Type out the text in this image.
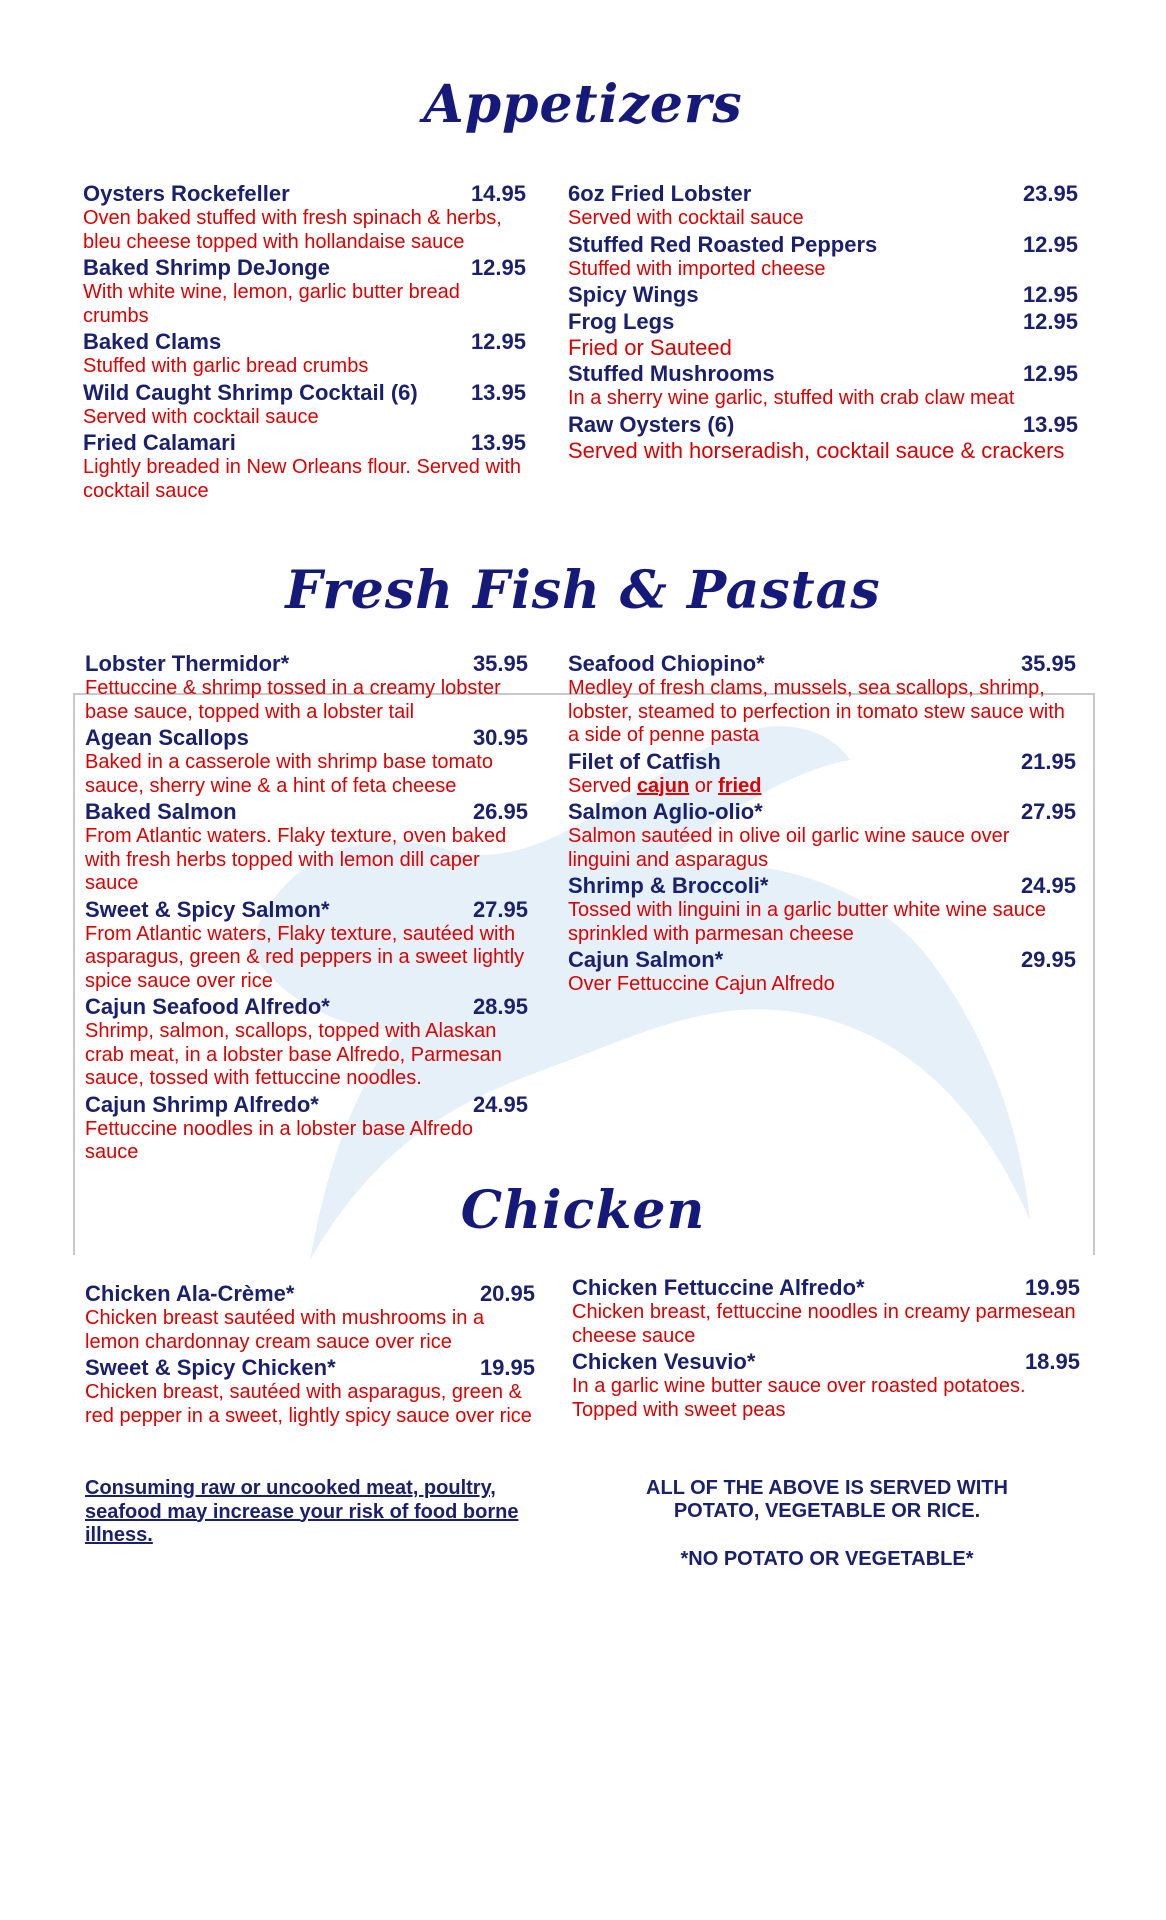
Appetizers
Oysters Rockefeller	14.95
Oven baked stuffed with fresh spinach & herbs, bleu cheese topped with hollandaise sauce
Baked Shrimp DeJonge	12.95
With white wine, lemon, garlic butter bread crumbs
Baked Clams	12.95
Stuffed with garlic bread crumbs
Wild Caught Shrimp Cocktail (6) 13.95
Served with cocktail sauce
Fried Calamari	13.95
Lightly breaded in New Orleans flour. Served with cocktail sauce
6oz Fried Lobster	23.95
Served with cocktail sauce
Stuffed Red Roasted Peppers	12.95
Stuffed with imported cheese
Spicy Wings	12.95
Frog Legs	12.95
Fried or Sauteed
Stuffed Mushrooms	12.95
In a sherry wine garlic, stuffed with crab claw meat
Raw Oysters (6)	13.95
Served with horseradish, cocktail sauce & crackers
Fresh Fish & Pastas
Lobster Thermidor*	35.95
Fettuccine & shrimp tossed in a creamy lobster base sauce, topped with a lobster tail
Agean Scallops	30.95
Baked in a casserole with shrimp base tomato sauce, sherry wine & a hint of feta cheese
Baked Salmon	26.95
From Atlantic waters. Flaky texture, oven baked with fresh herbs topped with lemon dill caper sauce
Sweet & Spicy Salmon*	27.95
From Atlantic waters, Flaky texture, sautéed with asparagus, green & red peppers in a sweet lightly spice sauce over rice
Cajun Seafood Alfredo*	28.95
Shrimp, salmon, scallops, topped with Alaskan crab meat, in a lobster base Alfredo, Parmesan sauce, tossed with fettuccine noodles.
Cajun Shrimp Alfredo*	24.95
Fettuccine noodles in a lobster base Alfredo sauce
Seafood Chiopino*	35.95
Medley of fresh clams, mussels, sea scallops, shrimp, lobster, steamed to perfection in tomato stew sauce with a side of penne pasta
Filet of Catfish	21.95
Served cajun or fried
Salmon Aglio-olio*	27.95
Salmon sautéed in olive oil garlic wine sauce over linguini and asparagus
Shrimp & Broccoli*	24.95
Tossed with linguini in a garlic butter white wine sauce sprinkled with parmesan cheese
Cajun Salmon*	29.95
Over Fettuccine Cajun Alfredo
Chicken
Chicken Ala-Crème*	20.95
Chicken breast sautéed with mushrooms in a lemon chardonnay cream sauce over rice
Sweet & Spicy Chicken*	19.95
Chicken breast, sautéed with asparagus, green & red pepper in a sweet, lightly spicy sauce over rice
Chicken Fettuccine Alfredo*	19.95
Chicken breast, fettuccine noodles in creamy parmesean cheese sauce
Chicken Vesuvio*	18.95
In a garlic wine butter sauce over roasted potatoes. Topped with sweet peas
Consuming raw or uncooked meat, poultry, seafood may increase your risk of food borne illness.
ALL OF THE ABOVE IS SERVED WITH
POTATO, VEGETABLE OR RICE.
*NO POTATO OR VEGETABLE*
